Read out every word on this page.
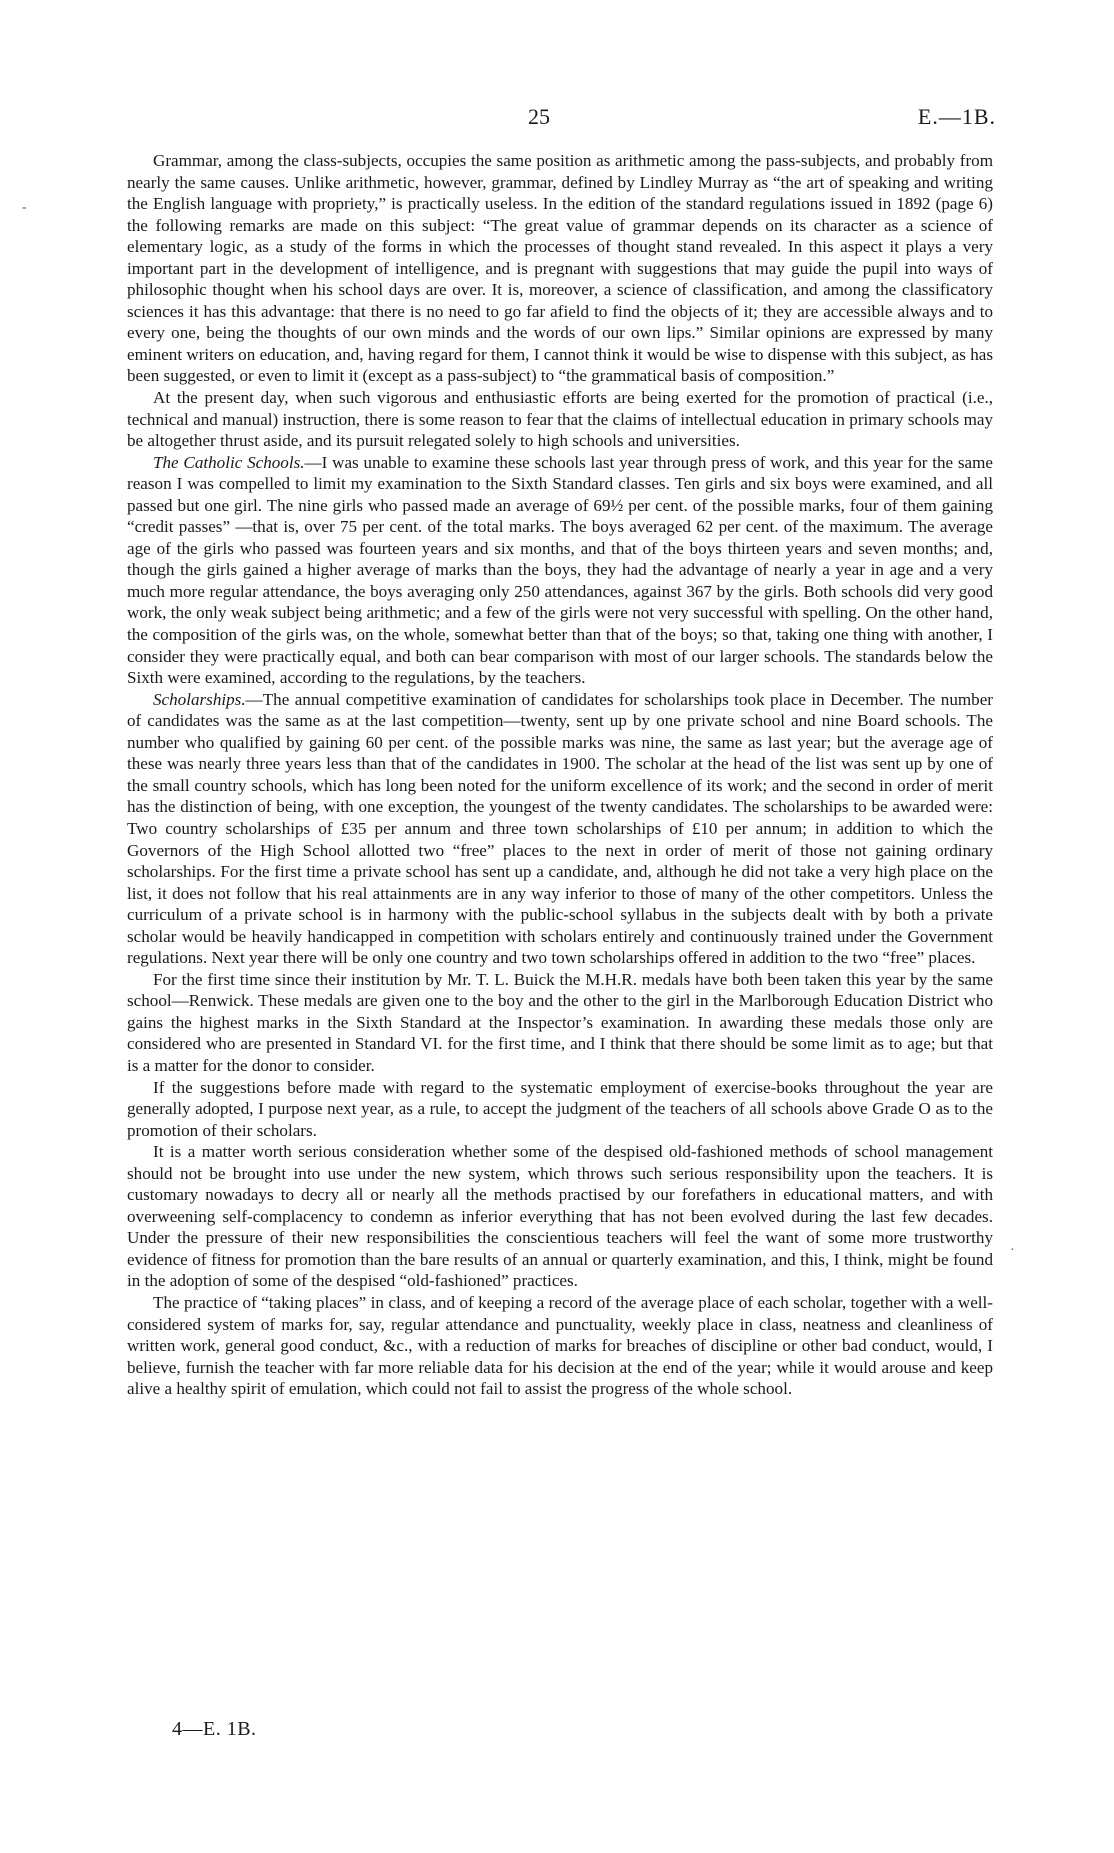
25	E.—1B.
-
·

Grammar, among the class-subjects, occupies the same position as arithmetic among the pass-subjects, and probably from nearly the same causes. Unlike arithmetic, however, grammar, defined by Lindley Murray as “the art of speaking and writing the English language with propriety,” is practically useless. In the edition of the standard regulations issued in 1892 (page 6) the following remarks are made on this subject: “The great value of grammar depends on its character as a science of elementary logic, as a study of the forms in which the processes of thought stand revealed. In this aspect it plays a very important part in the development of intelligence, and is pregnant with suggestions that may guide the pupil into ways of philosophic thought when his school days are over. It is, moreover, a science of classification, and among the classificatory sciences it has this advantage: that there is no need to go far afield to find the objects of it; they are accessible always and to every one, being the thoughts of our own minds and the words of our own lips.” Similar opinions are expressed by many eminent writers on education, and, having regard for them, I cannot think it would be wise to dispense with this subject, as has been suggested, or even to limit it (except as a pass-subject) to “the grammatical basis of composition.”

At the present day, when such vigorous and enthusiastic efforts are being exerted for the promotion of practical (i.e., technical and manual) instruction, there is some reason to fear that the claims of intellectual education in primary schools may be altogether thrust aside, and its pursuit relegated solely to high schools and universities.

The Catholic Schools.—I was unable to examine these schools last year through press of work, and this year for the same reason I was compelled to limit my examination to the Sixth Standard classes. Ten girls and six boys were examined, and all passed but one girl. The nine girls who passed made an average of 69½ per cent. of the possible marks, four of them gaining “credit passes” —that is, over 75 per cent. of the total marks. The boys averaged 62 per cent. of the maximum. The average age of the girls who passed was fourteen years and six months, and that of the boys thirteen years and seven months; and, though the girls gained a higher average of marks than the boys, they had the advantage of nearly a year in age and a very much more regular attendance, the boys averaging only 250 attendances, against 367 by the girls. Both schools did very good work, the only weak subject being arithmetic; and a few of the girls were not very successful with spelling. On the other hand, the composition of the girls was, on the whole, somewhat better than that of the boys; so that, taking one thing with another, I consider they were practically equal, and both can bear comparison with most of our larger schools. The standards below the Sixth were examined, according to the regulations, by the teachers.

Scholarships.—The annual competitive examination of candidates for scholarships took place in December. The number of candidates was the same as at the last competition—twenty, sent up by one private school and nine Board schools. The number who qualified by gaining 60 per cent. of the possible marks was nine, the same as last year; but the average age of these was nearly three years less than that of the candidates in 1900. The scholar at the head of the list was sent up by one of the small country schools, which has long been noted for the uniform excellence of its work; and the second in order of merit has the distinction of being, with one exception, the youngest of the twenty candidates. The scholarships to be awarded were: Two country scholarships of £35 per annum and three town scholarships of £10 per annum; in addition to which the Governors of the High School allotted two “free” places to the next in order of merit of those not gaining ordinary scholarships. For the first time a private school has sent up a candidate, and, although he did not take a very high place on the list, it does not follow that his real attainments are in any way inferior to those of many of the other competitors. Unless the curriculum of a private school is in harmony with the public-school syllabus in the subjects dealt with by both a private scholar would be heavily handicapped in competition with scholars entirely and continuously trained under the Government regulations. Next year there will be only one country and two town scholarships offered in addition to the two “free” places.

For the first time since their institution by Mr. T. L. Buick the M.H.R. medals have both been taken this year by the same school—Renwick. These medals are given one to the boy and the other to the girl in the Marlborough Education District who gains the highest marks in the Sixth Standard at the Inspector’s examination. In awarding these medals those only are considered who are presented in Standard VI. for the first time, and I think that there should be some limit as to age; but that is a matter for the donor to consider.

If the suggestions before made with regard to the systematic employment of exercise-books throughout the year are generally adopted, I purpose next year, as a rule, to accept the judgment of the teachers of all schools above Grade O as to the promotion of their scholars.

It is a matter worth serious consideration whether some of the despised old-fashioned methods of school management should not be brought into use under the new system, which throws such serious responsibility upon the teachers. It is customary nowadays to decry all or nearly all the methods practised by our forefathers in educational matters, and with overweening self-complacency to condemn as inferior everything that has not been evolved during the last few decades. Under the pressure of their new responsibilities the conscientious teachers will feel the want of some more trustworthy evidence of fitness for promotion than the bare results of an annual or quarterly examination, and this, I think, might be found in the adoption of some of the despised “old-fashioned” practices.

The practice of “taking places” in class, and of keeping a record of the average place of each scholar, together with a well-considered system of marks for, say, regular attendance and punctuality, weekly place in class, neatness and cleanliness of written work, general good conduct, &c., with a reduction of marks for breaches of discipline or other bad conduct, would, I believe, furnish the teacher with far more reliable data for his decision at the end of the year; while it would arouse and keep alive a healthy spirit of emulation, which could not fail to assist the progress of the whole school.

4—E. 1B.
